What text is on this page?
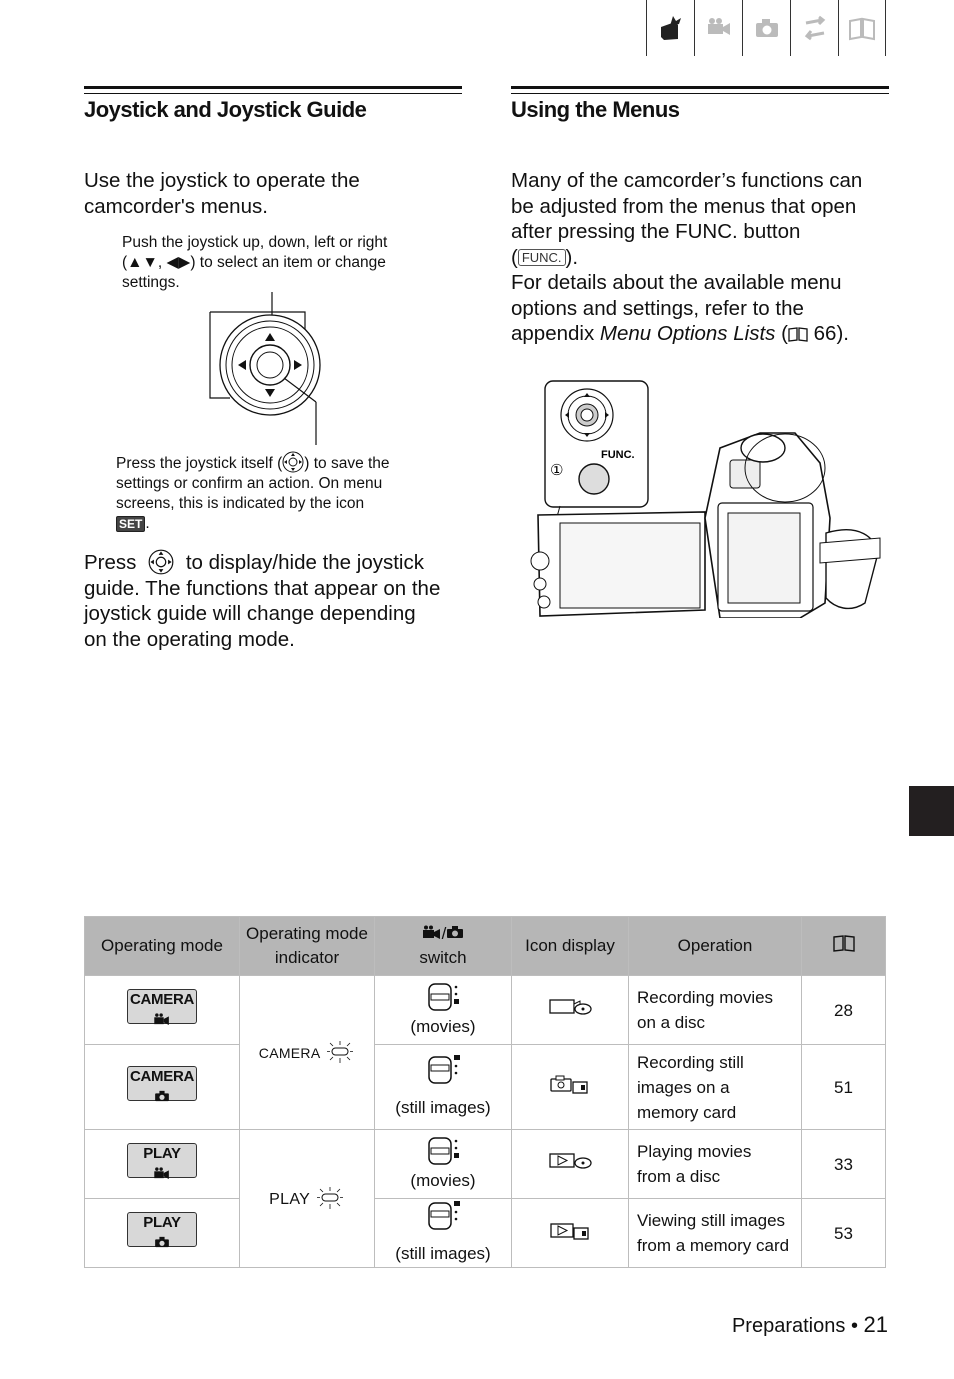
Joystick and Joystick Guide
Use the joystick to operate the camcorder's menus.
Push the joystick up, down, left or right
(▲▼, ◀▶) to select an item or change
settings.
Press the joystick itself ( ) to save the
settings or confirm an action. On menu
screens, this is indicated by the icon
SET .
Press to display/hide the joystick
guide. The functions that appear on the
joystick guide will change depending
on the operating mode.
Using the Menus
Many of the camcorder’s functions can
be adjusted from the menus that open
after pressing the FUNC. button
( FUNC. ).
For details about the available menu
options and settings, refer to the
appendix Menu Options Lists ( 66).
FUNC.
①
Operating mode	Operating mode indicator	/
switch	Icon display	Operation	

CAMERA	CAMERA	(movies)		Recording movies
on a disc	28

CAMERA		(still images)		Recording still
images on a
memory card	51

PLAY	PLAY	(movies)		Playing movies
from a disc	33

PLAY		(still images)		Viewing still images
from a memory card	53
Preparations • 21
